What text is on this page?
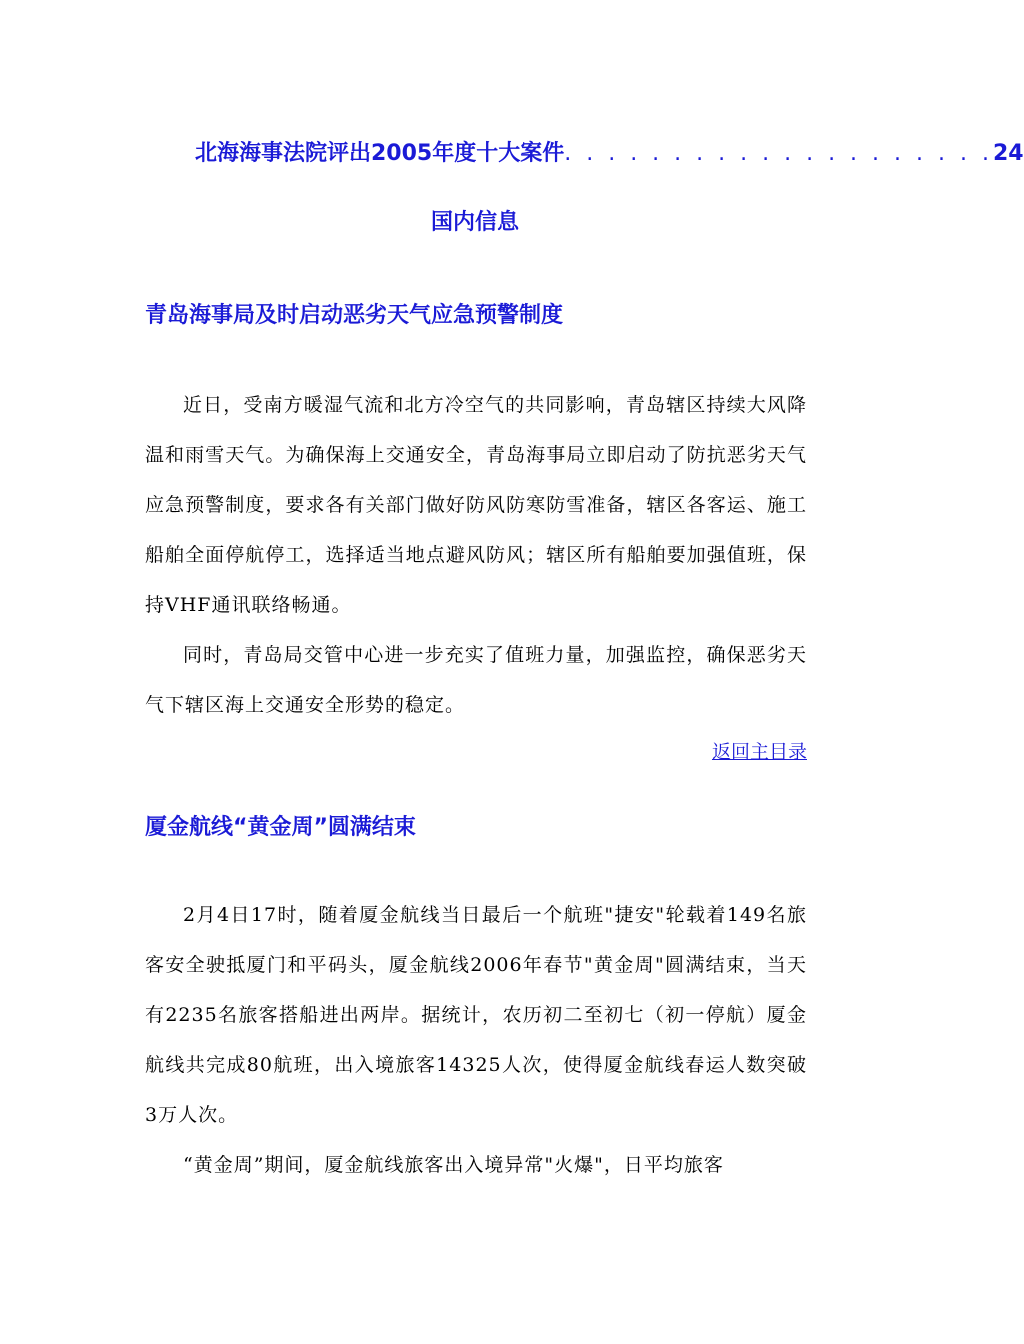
北海海事法院评出2005年度十大案件 . . . . . . . . . . . . . . . . . . . . 24
国内信息
青岛海事局及时启动恶劣天气应急预警制度

近日，受南方暖湿气流和北方冷空气的共同影响，青岛辖区持续大风降温和雨雪天气。为确保海上交通安全，青岛海事局立即启动了防抗恶劣天气应急预警制度，要求各有关部门做好防风防寒防雪准备，辖区各客运、施工船舶全面停航停工，选择适当地点避风防风；辖区所有船舶要加强值班，保持VHF通讯联络畅通。

同时，青岛局交管中心进一步充实了值班力量，加强监控，确保恶劣天气下辖区海上交通安全形势的稳定。

返回主目录
厦金航线“黄金周”圆满结束

2月4日17时，随着厦金航线当日最后一个航班"捷安"轮载着149名旅客安全驶抵厦门和平码头，厦金航线2006年春节"黄金周"圆满结束，当天有2235名旅客搭船进出两岸。据统计，农历初二至初七（初一停航）厦金航线共完成80航班，出入境旅客14325人次，使得厦金航线春运人数突破3万人次。

“黄金周”期间，厦金航线旅客出入境异常"火爆"，日平均旅客
